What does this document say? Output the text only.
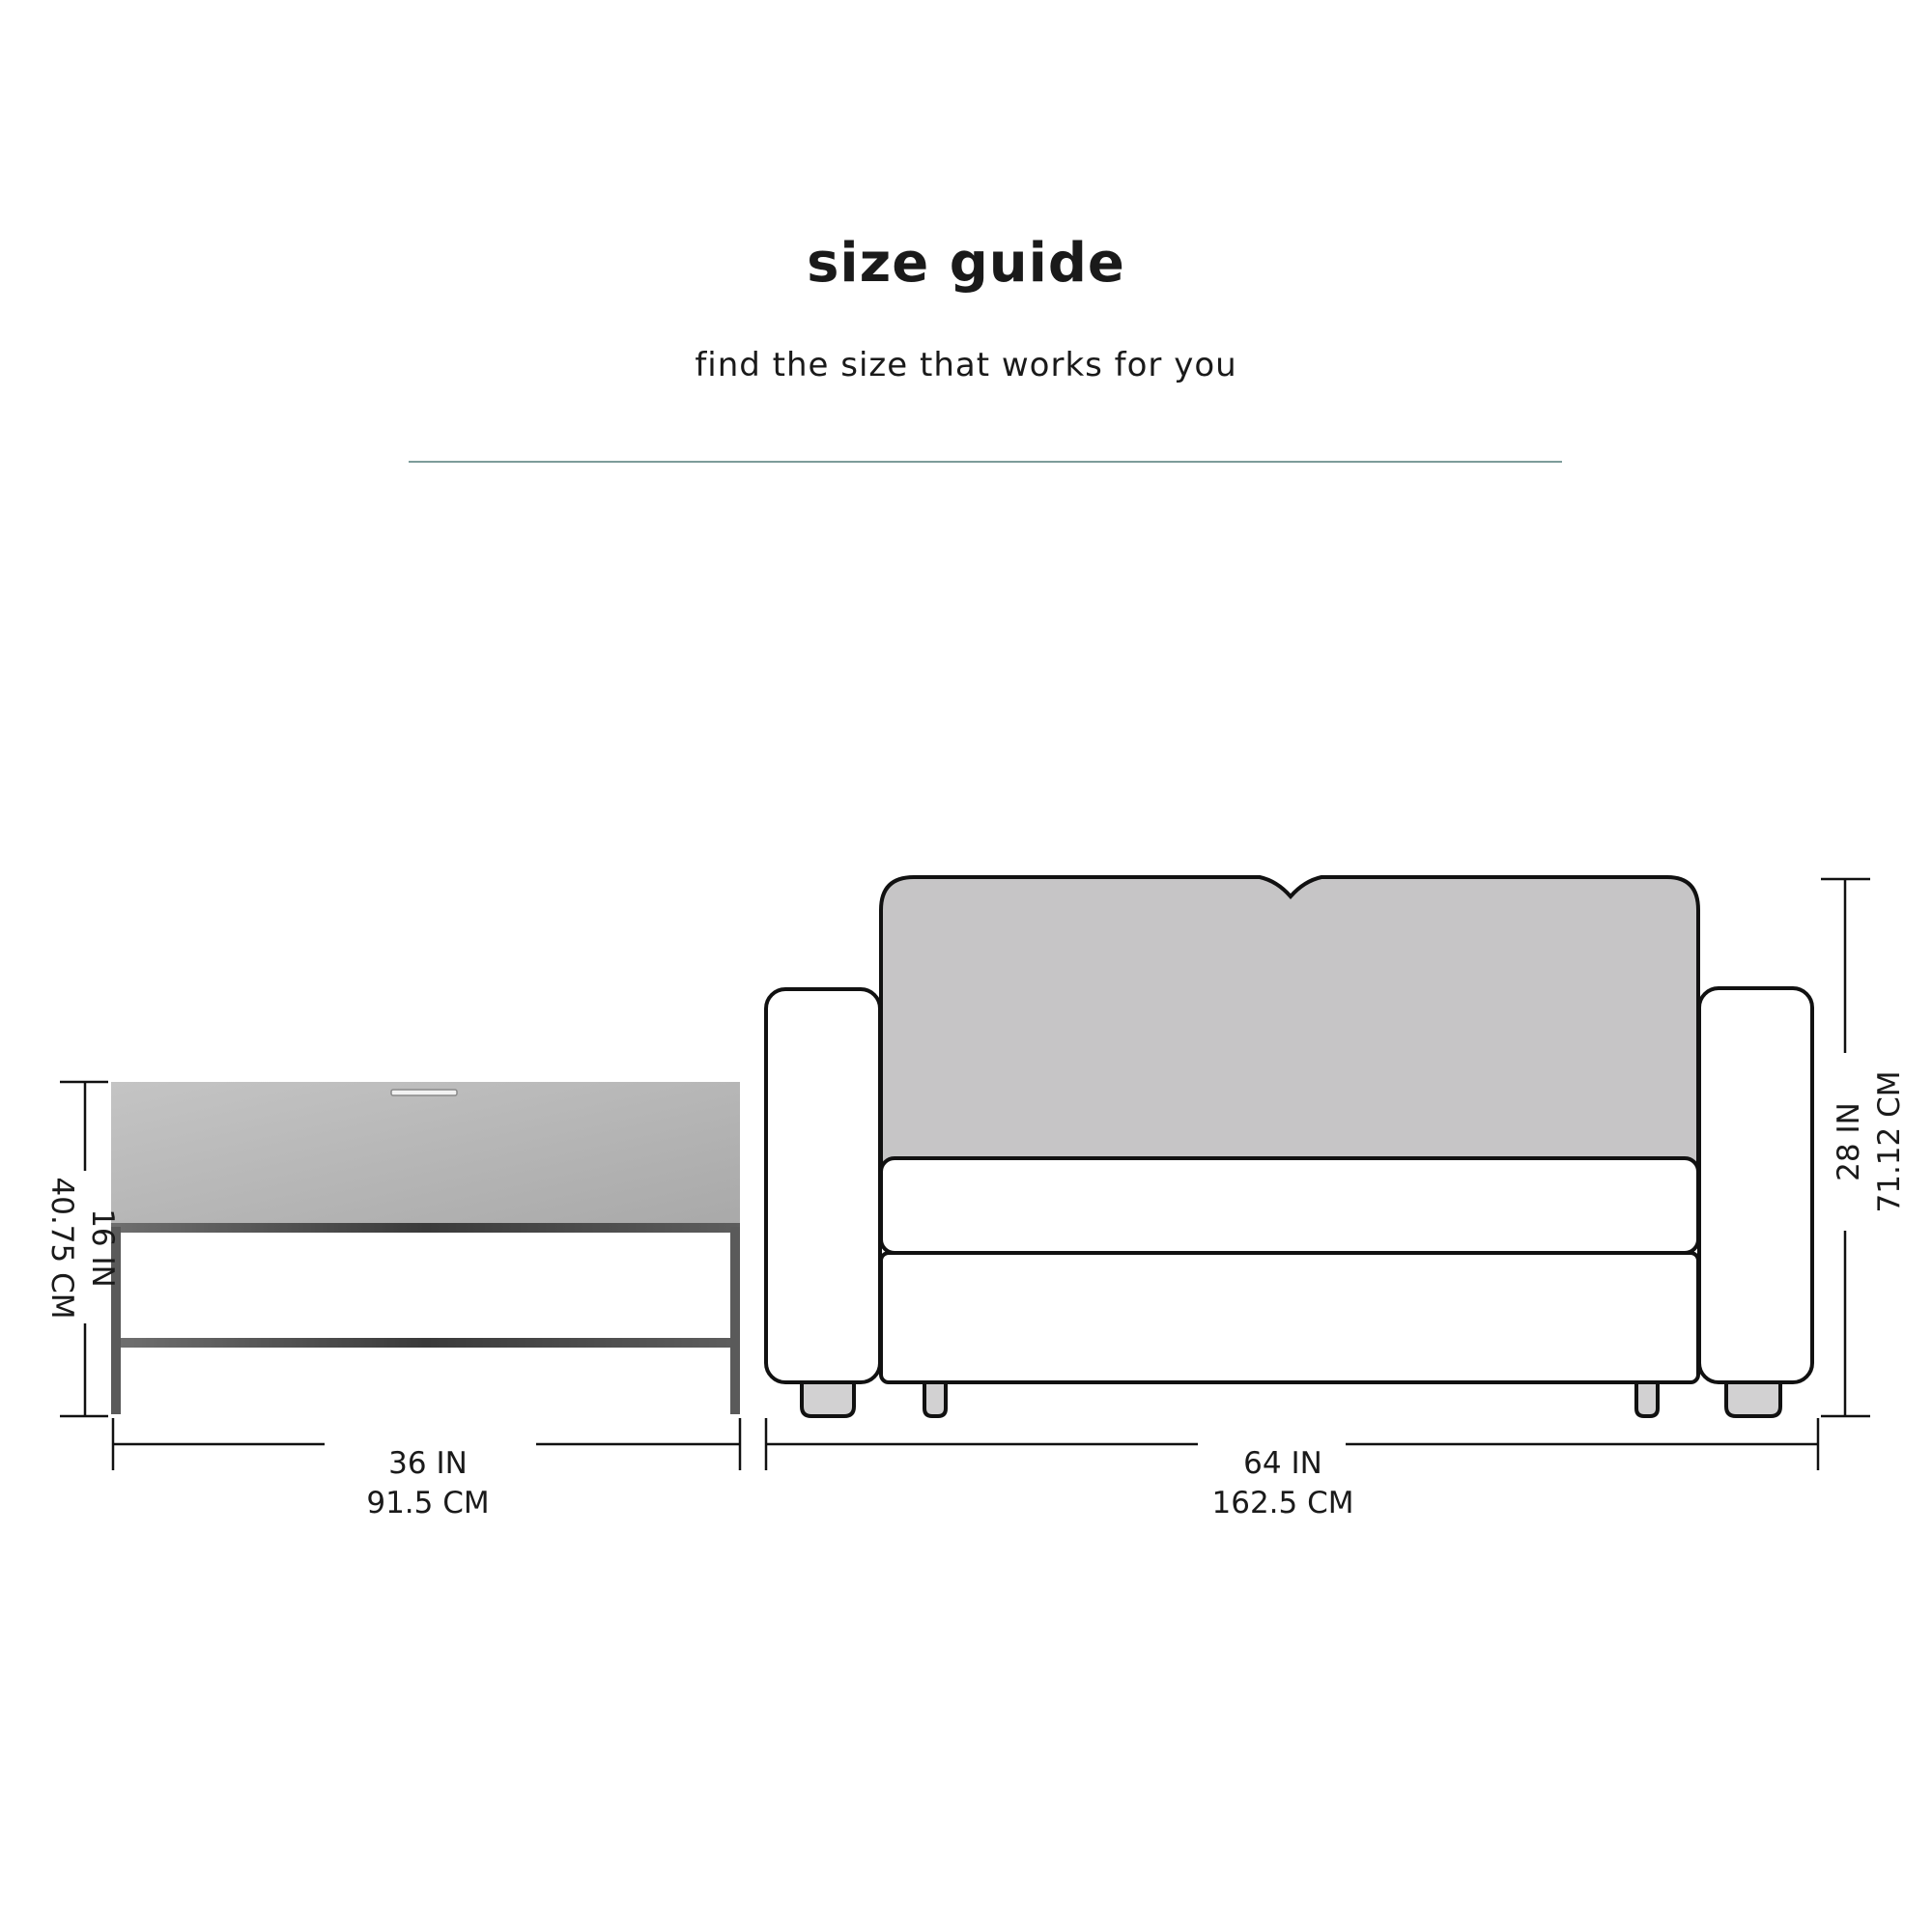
size guide
find the size that works for you
16 IN
40.75 CM
36 IN
91.5 CM
28 IN 71.12 CM
64 IN
162.5 CM
